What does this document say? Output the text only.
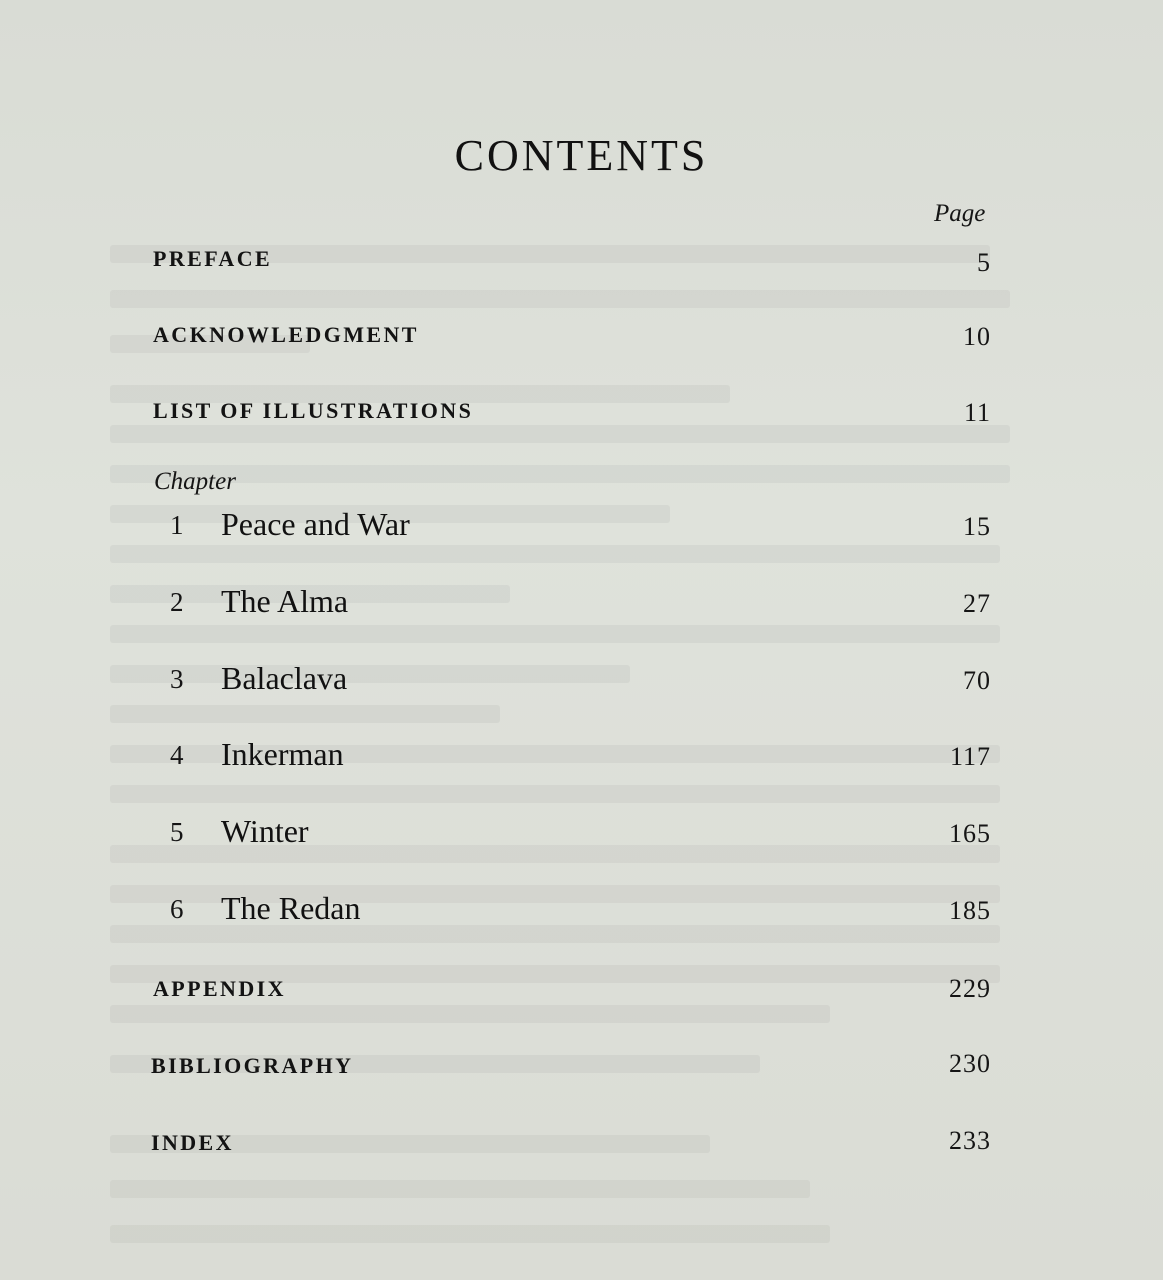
CONTENTS
Page
PREFACE	5
ACKNOWLEDGMENT	10
LIST OF ILLUSTRATIONS	11
Chapter
1 Peace and War	15
2 The Alma	27
3 Balaclava	70
4 Inkerman	117
5 Winter	165
6 The Redan	185
APPENDIX	229
BIBLIOGRAPHY	230
INDEX	233
